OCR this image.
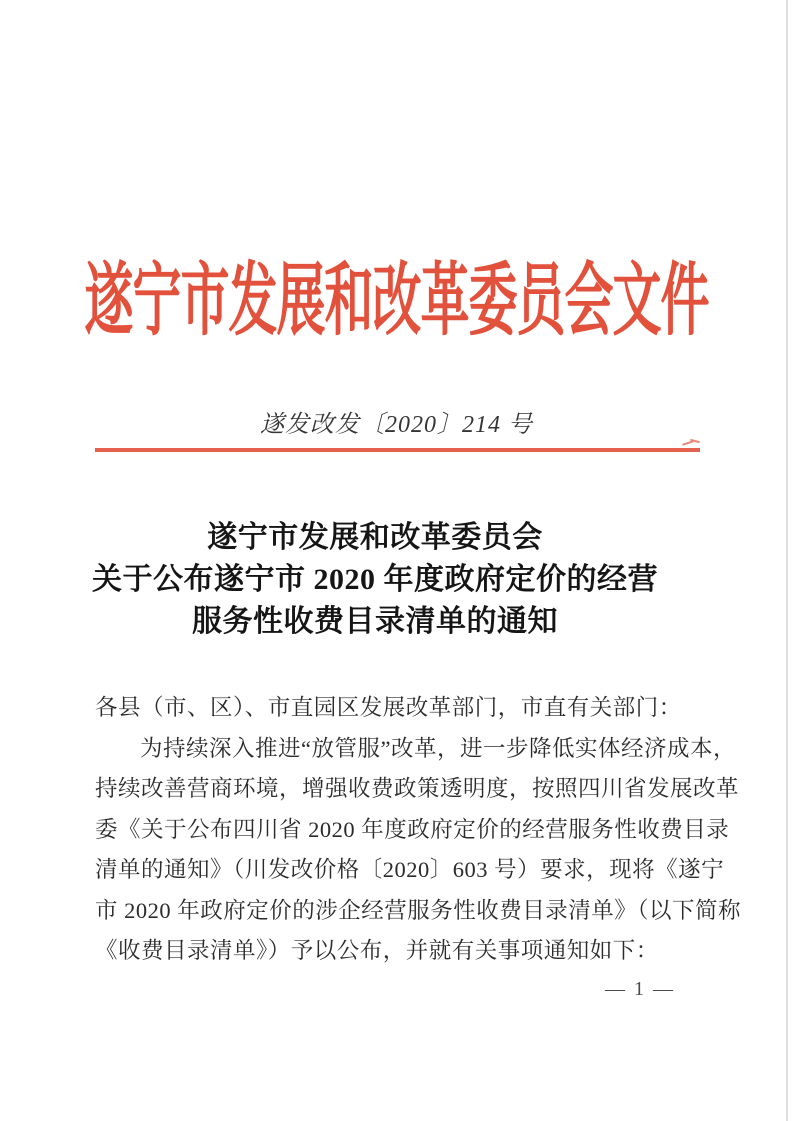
遂宁市发展和改革委员会文件
遂发改发〔2020〕214 号
遂宁市发展和改革委员会
关于公布遂宁市 2020 年度政府定价的经营
服务性收费目录清单的通知
各县（市、区）、市直园区发展改革部门，市直有关部门：
为持续深入推进“放管服”改革，进一步降低实体经济成本，
持续改善营商环境，增强收费政策透明度，按照四川省发展改革
委《关于公布四川省 2020 年度政府定价的经营服务性收费目录
清单的通知》（川发改价格〔2020〕603 号）要求，现将《遂宁
市 2020 年政府定价的涉企经营服务性收费目录清单》（以下简称
《收费目录清单》）予以公布，并就有关事项通知如下：
— 1 —
